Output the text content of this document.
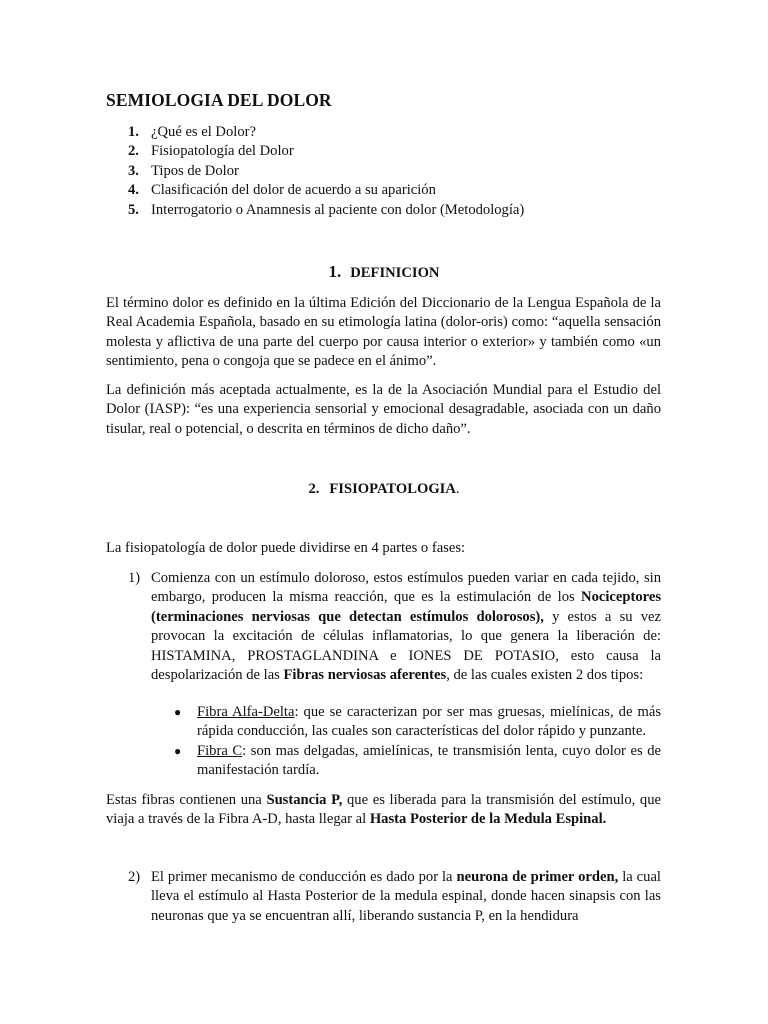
SEMIOLOGIA DEL DOLOR
1. ¿Qué es el Dolor?
2. Fisiopatología del Dolor
3. Tipos de Dolor
4. Clasificación del dolor de acuerdo a su aparición
5. Interrogatorio o Anamnesis al paciente con dolor (Metodología)
1. DEFINICION
El término dolor es definido en la última Edición del Diccionario de la Lengua Española de la Real Academia Española, basado en su etimología latina (dolor-oris) como: “aquella sensación molesta y aflictiva de una parte del cuerpo por causa interior o exterior» y también como «un sentimiento, pena o congoja que se padece en el ánimo”.
La definición más aceptada actualmente, es la de la Asociación Mundial para el Estudio del Dolor (IASP): “es una experiencia sensorial y emocional desagradable, asociada con un daño tisular, real o potencial, o descrita en términos de dicho daño”.
2. FISIOPATOLOGIA.
La fisiopatología de dolor puede dividirse en 4 partes o fases:
1) Comienza con un estímulo doloroso, estos estímulos pueden variar en cada tejido, sin embargo, producen la misma reacción, que es la estimulación de los Nociceptores (terminaciones nerviosas que detectan estímulos dolorosos), y estos a su vez provocan la excitación de células inflamatorias, lo que genera la liberación de: HISTAMINA, PROSTAGLANDINA e IONES DE POTASIO, esto causa la despolarización de las Fibras nerviosas aferentes, de las cuales existen 2 dos tipos:
● Fibra Alfa-Delta: que se caracterizan por ser mas gruesas, mielínicas, de más rápida conducción, las cuales son características del dolor rápido y punzante.
● Fibra C: son mas delgadas, amielínicas, te transmisión lenta, cuyo dolor es de manifestación tardía.
Estas fibras contienen una Sustancia P, que es liberada para la transmisión del estímulo, que viaja a través de la Fibra A-D, hasta llegar al Hasta Posterior de la Medula Espinal.
2) El primer mecanismo de conducción es dado por la neurona de primer orden, la cual lleva el estímulo al Hasta Posterior de la medula espinal, donde hacen sinapsis con las neuronas que ya se encuentran allí, liberando sustancia P, en la hendidura
